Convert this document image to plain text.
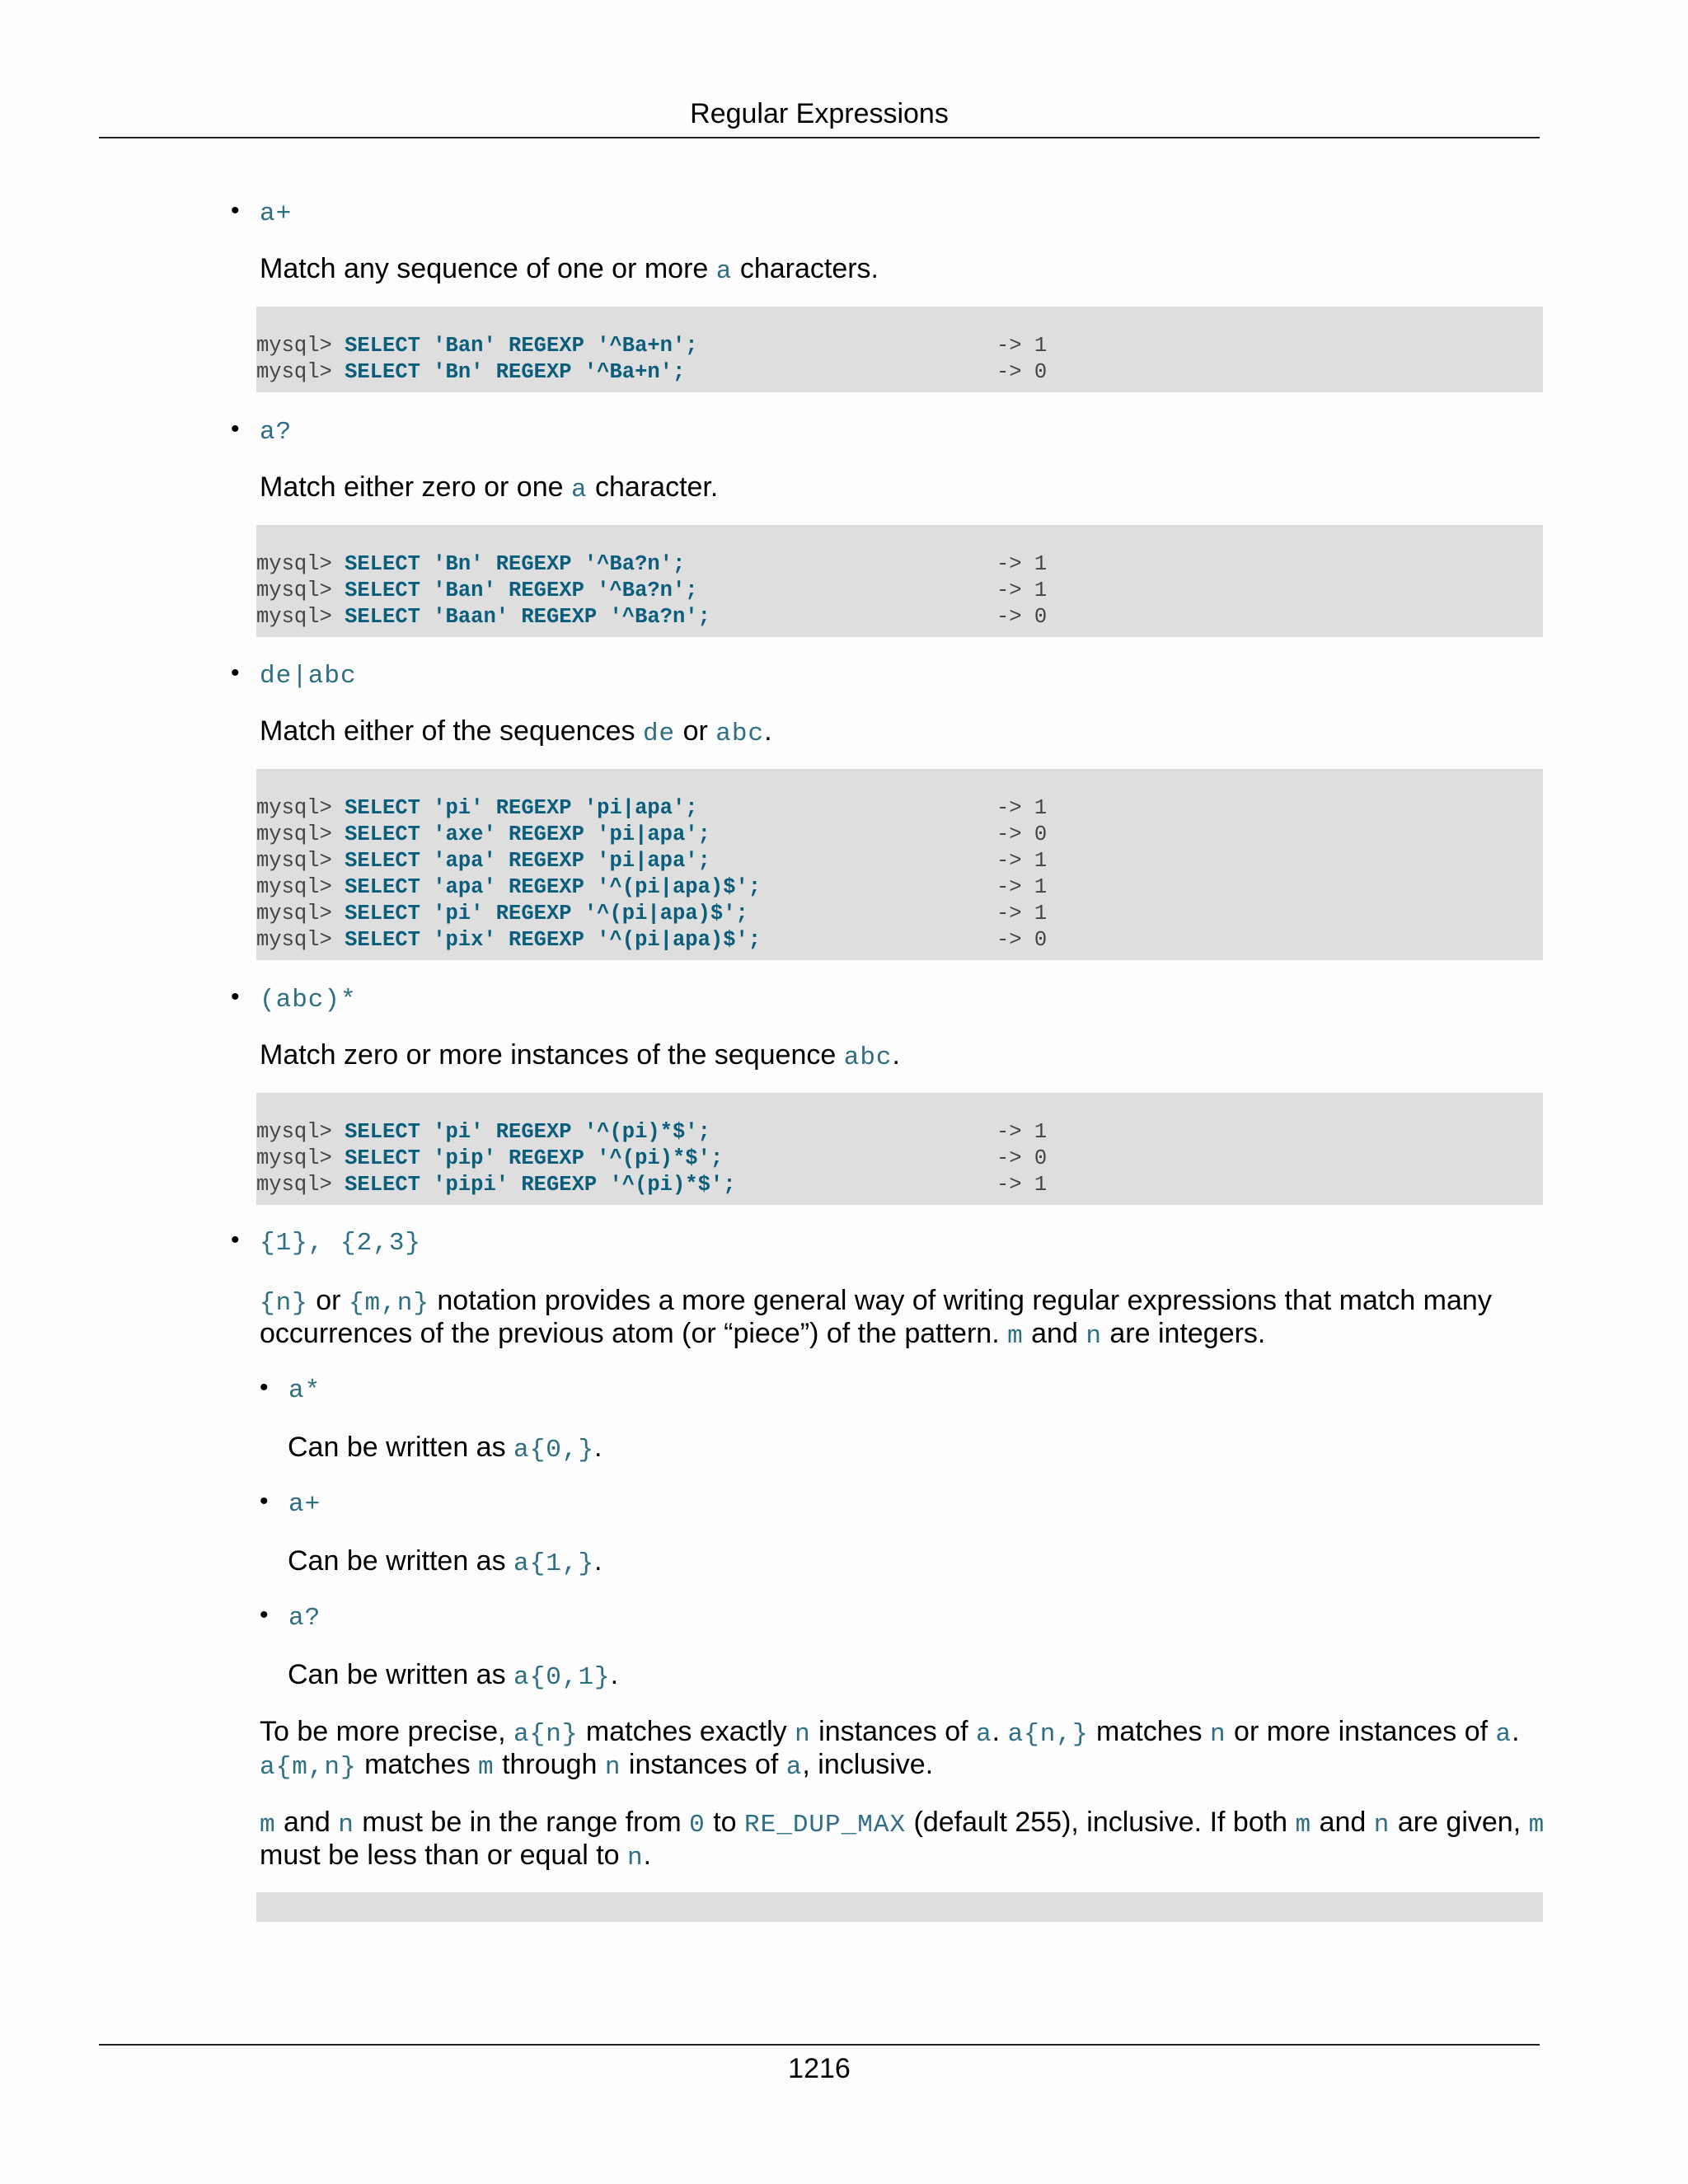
Regular Expressions
• a+
Match any sequence of one or more a characters.
mysql> SELECT 'Ban' REGEXP '^Ba+n';	-> 1
mysql> SELECT 'Bn' REGEXP '^Ba+n';	-> 0
• a?
Match either zero or one a character.
mysql> SELECT 'Bn' REGEXP '^Ba?n';	-> 1
mysql> SELECT 'Ban' REGEXP '^Ba?n';	-> 1
mysql> SELECT 'Baan' REGEXP '^Ba?n';	-> 0
• de|abc
Match either of the sequences de or abc.
mysql> SELECT 'pi' REGEXP 'pi|apa';	-> 1
mysql> SELECT 'axe' REGEXP 'pi|apa';	-> 0
mysql> SELECT 'apa' REGEXP 'pi|apa';	-> 1
mysql> SELECT 'apa' REGEXP '^(pi|apa)$';	-> 1
mysql> SELECT 'pi' REGEXP '^(pi|apa)$';	-> 1
mysql> SELECT 'pix' REGEXP '^(pi|apa)$';	-> 0
• (abc)*
Match zero or more instances of the sequence abc.
mysql> SELECT 'pi' REGEXP '^(pi)*$';	-> 1
mysql> SELECT 'pip' REGEXP '^(pi)*$';	-> 0
mysql> SELECT 'pipi' REGEXP '^(pi)*$';	-> 1
• {1}, {2,3}
{n} or {m,n} notation provides a more general way of writing regular expressions that match many
occurrences of the previous atom (or “piece”) of the pattern. m and n are integers.
• a*
Can be written as a{0,}.
• a+
Can be written as a{1,}.
• a?
Can be written as a{0,1}.
To be more precise, a{n} matches exactly n instances of a. a{n,} matches n or more instances of a.
a{m,n} matches m through n instances of a, inclusive.
m and n must be in the range from 0 to RE_DUP_MAX (default 255), inclusive. If both m and n are given, m
must be less than or equal to n.
1216
